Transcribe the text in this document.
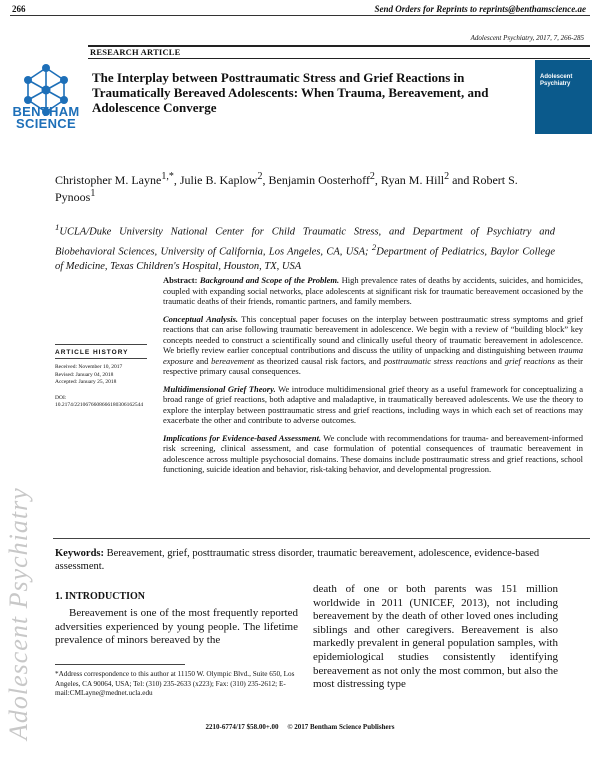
266	Send Orders for Reprints to reprints@benthamscience.ae
Adolescent Psychiatry, 2017, 7, 266-285
RESEARCH ARTICLE
BENTHAM
SCIENCE
The Interplay between Posttraumatic Stress and Grief Reactions in Traumatically Bereaved Adolescents: When Trauma, Bereavement, and Adolescence Converge
Adolescent Psychiatry
Christopher M. Layne$^{1,*}$, Julie B. Kaplow$^2$, Benjamin Oosterhoff$^2$, Ryan M. Hill$^2$ and Robert S. Pynoos$^1$
$^1$UCLA/Duke University National Center for Child Traumatic Stress, and Department of Psychiatry and Biobehavioral Sciences, University of California, Los Angeles, CA, USA; $^2$Department of Pediatrics, Baylor College of Medicine, Texas Children's Hospital, Houston, TX, USA
ARTICLE HISTORY
Received: November 10, 2017
Revised: January 04, 2018
Accepted: January 25, 2018
DOI:
10.2174/2210676608666180306162544

Abstract: Background and Scope of the Problem. High prevalence rates of deaths by accidents, suicides, and homicides, coupled with expanding social networks, place adolescents at significant risk for traumatic bereavement occasioned by the traumatic deaths of their friends, romantic partners, and family members.

Conceptual Analysis. This conceptual paper focuses on the interplay between posttraumatic stress symptoms and grief reactions that can arise following traumatic bereavement in adolescence. We begin with a review of “building block” key concepts needed to construct a scientifically sound and clinically useful theory of traumatic bereavement in adolescence. We briefly review earlier conceptual contributions and discuss the utility of unpacking and distinguishing between trauma exposure and bereavement as theorized causal risk factors, and posttraumatic stress reactions and grief reactions as their respective primary causal consequences.

Multidimensional Grief Theory. We introduce multidimensional grief theory as a useful framework for conceptualizing a broad range of grief reactions, both adaptive and maladaptive, in traumatically bereaved adolescents. We use the theory to explore the interplay between posttraumatic stress and grief reactions, including ways in which each set of reactions may exacerbate the other and contribute to adverse outcomes.

Implications for Evidence-based Assessment. We conclude with recommendations for trauma- and bereavement-informed risk screening, clinical assessment, and case formulation of potential consequences of traumatic bereavement in adolescence across multiple psychosocial domains. These domains include posttraumatic stress and grief reactions, school functioning, suicide ideation and behavior, risk-taking behavior, and developmental progression.

Keywords: Bereavement, grief, posttraumatic stress disorder, traumatic bereavement, adolescence, evidence-based assessment.
Adolescent Psychiatry 1. INTRODUCTION
Bereavement is one of the most frequently reported adversities experienced by young people. The lifetime prevalence of minors bereaved by the
death of one or both parents was 151 million worldwide in 2011 (UNICEF, 2013), not including bereavement by the death of other loved ones including siblings and other caregivers. Bereavement is also markedly prevalent in general population samples, with epidemiological studies consistently identifying bereavement as not only the most common, but also the most distressing type
*Address correspondence to this author at 11150 W. Olympic Blvd., Suite 650, Los Angeles, CA 90064, USA; Tel: (310) 235-2633 (x223); Fax: (310) 235-2612; E-mail:CMLayne@mednet.ucla.edu
2210-6774/17 $58.00+.00 © 2017 Bentham Science Publishers
